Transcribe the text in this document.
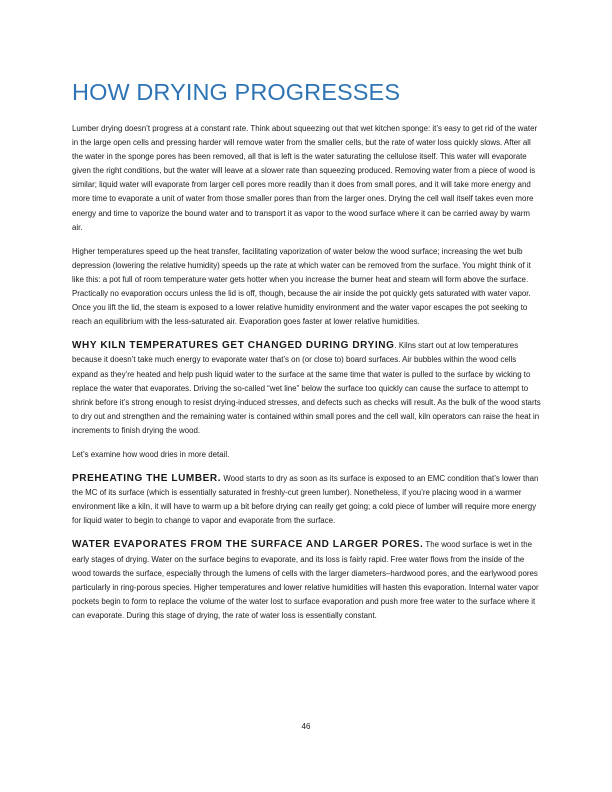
HOW DRYING PROGRESSES

Lumber drying doesn’t progress at a constant rate. Think about squeezing out that wet kitchen sponge: it’s easy to get rid of the water in the large open cells and pressing harder will remove water from the smaller cells, but the rate of water loss quickly slows. After all the water in the sponge pores has been removed, all that is left is the water saturating the cellulose itself. This water will evaporate given the right conditions, but the water will leave at a slower rate than squeezing produced. Removing water from a piece of wood is similar; liquid water will evaporate from larger cell pores more readily than it does from small pores, and it will take more energy and more time to evaporate a unit of water from those smaller pores than from the larger ones. Drying the cell wall itself takes even more energy and time to vaporize the bound water and to transport it as vapor to the wood surface where it can be carried away by warm air.

Higher temperatures speed up the heat transfer, facilitating vaporization of water below the wood surface; increasing the wet bulb depression (lowering the relative humidity) speeds up the rate at which water can be removed from the surface. You might think of it like this: a pot full of room temperature water gets hotter when you increase the burner heat and steam will form above the surface. Practically no evaporation occurs unless the lid is off, though, because the air inside the pot quickly gets saturated with water vapor. Once you lift the lid, the steam is exposed to a lower relative humidity environment and the water vapor escapes the pot seeking to reach an equilibrium with the less-saturated air. Evaporation goes faster at lower relative humidities.

WHY KILN TEMPERATURES GET CHANGED DURING DRYING. Kilns start out at low temperatures because it doesn’t take much energy to evaporate water that’s on (or close to) board surfaces. Air bubbles within the wood cells expand as they’re heated and help push liquid water to the surface at the same time that water is pulled to the surface by wicking to replace the water that evaporates. Driving the so-called “wet line” below the surface too quickly can cause the surface to attempt to shrink before it’s strong enough to resist drying-induced stresses, and defects such as checks will result. As the bulk of the wood starts to dry out and strengthen and the remaining water is contained within small pores and the cell wall, kiln operators can raise the heat in increments to finish drying the wood.

Let’s examine how wood dries in more detail.

PREHEATING THE LUMBER. Wood starts to dry as soon as its surface is exposed to an EMC condition that’s lower than the MC of its surface (which is essentially saturated in freshly-cut green lumber). Nonetheless, if you’re placing wood in a warmer environment like a kiln, it will have to warm up a bit before drying can really get going; a cold piece of lumber will require more energy for liquid water to begin to change to vapor and evaporate from the surface.

WATER EVAPORATES FROM THE SURFACE AND LARGER PORES. The wood surface is wet in the early stages of drying. Water on the surface begins to evaporate, and its loss is fairly rapid. Free water flows from the inside of the wood towards the surface, especially through the lumens of cells with the larger diameters–hardwood pores, and the earlywood pores particularly in ring-porous species. Higher temperatures and lower relative humidities will hasten this evaporation. Internal water vapor pockets begin to form to replace the volume of the water lost to surface evaporation and push more free water to the surface where it can evaporate. During this stage of drying, the rate of water loss is essentially constant.

46
